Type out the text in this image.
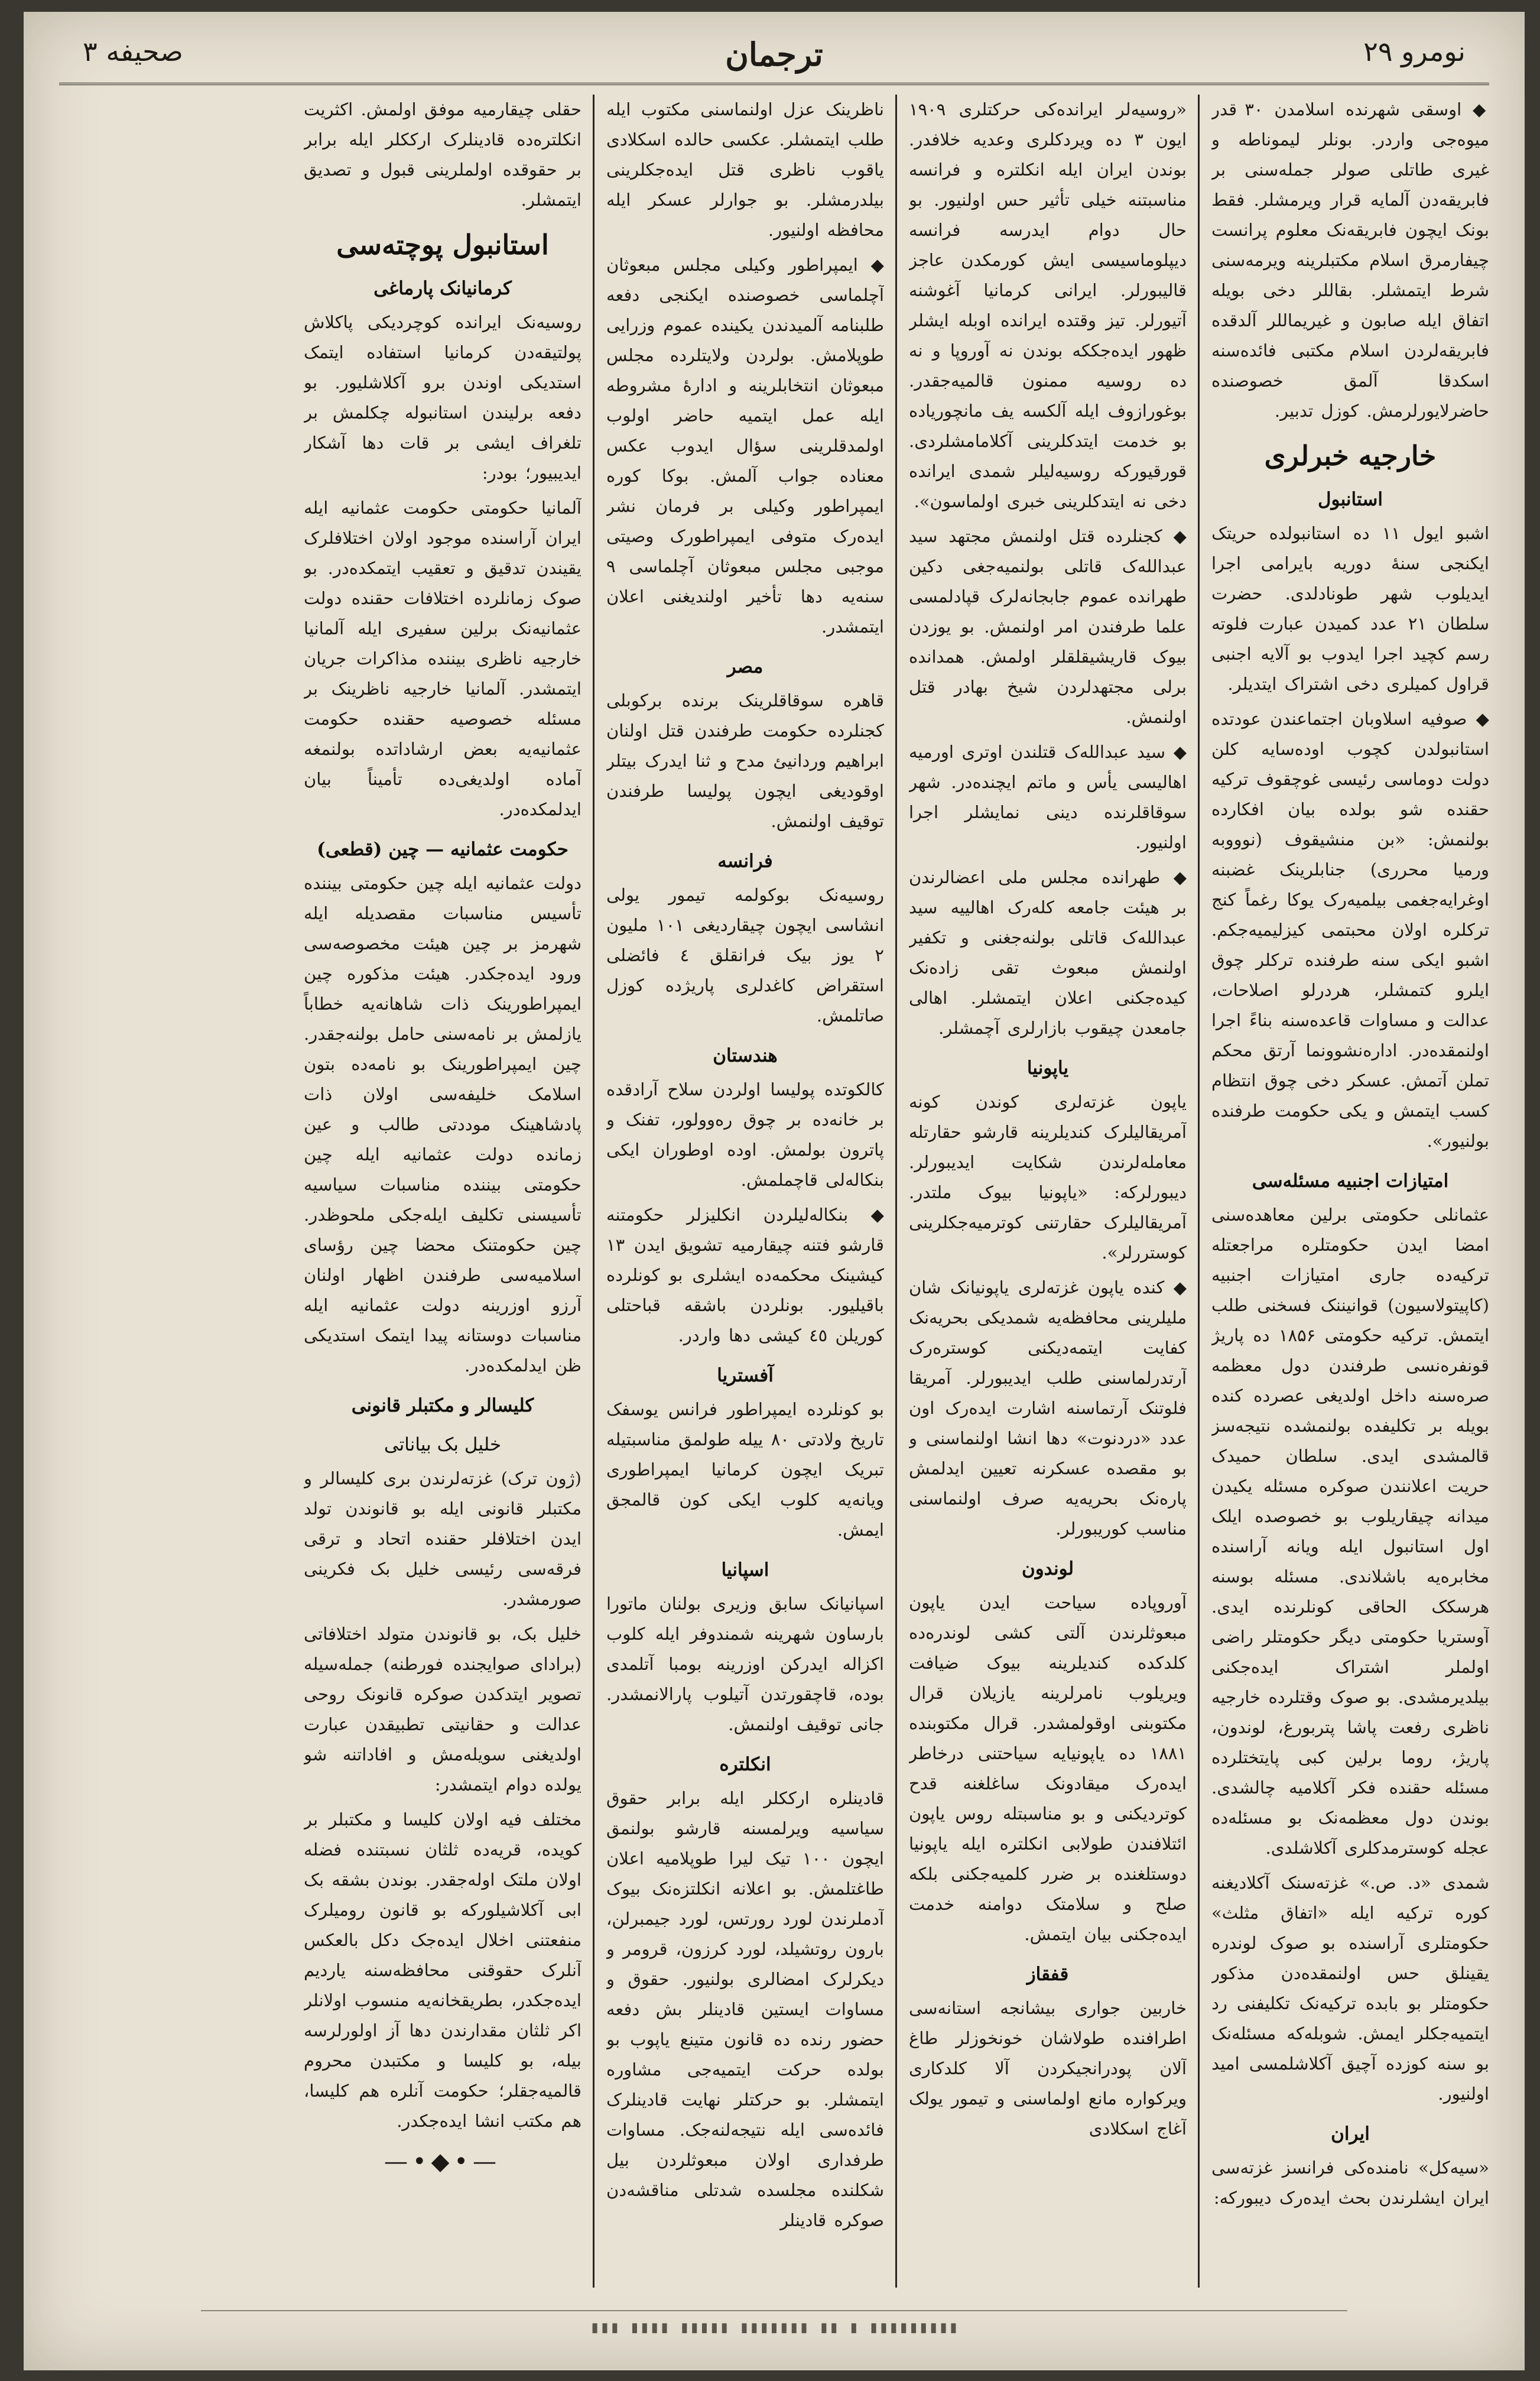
نومرو ۲۹
ترجمان
صحیفه ۳
◆ اوسقی شهرنده اسلامدن ۳۰ قدر میوەجی واردر. بونلر لیموناطه و غیری طاتلی صولر جملەسنی بر فابریقەدن آلمایه قرار ویرمشلر. فقط بونک ایچون فابریقەنک معلوم پرانست چیفارمرق اسلام مکتبلرینه ویرمەسنی شرط ایتمشلر. بقاللر دخی بویله اتفاق ایله صابون و غیریماللر آلدقده فابریقەلردن اسلام مکتبی فائدەسنه اسکدقا آلمق خصوصنده حاضرلایورلرمش. کوزل تدبیر.
خارجیه خبرلری
استانبول
اشبو ایول ۱۱ ده استانبولده حریتک ایکنجی سنهٔ دوریه بایرامی اجرا ایدیلوب شهر طونادلدی. حضرت سلطان ۲۱ عدد کمیدن عبارت فلوته رسم کچید اجرا ایدوب بو آلایه اجنبی قراول کمیلری دخی اشتراک ایتدیلر.
◆ صوفیه اسلاوبان اجتماعندن عودتده استانبولدن کچوب اودەسایه کلن دولت دوماسی رئیسی غوچقوف ترکیه حقنده شو بولده بیان افکارده بولنمش: «بن منشیقوف (نوووبه ورمیا محرری) جنابلرینک غضبنه اوغرایەجغمی بیلمیەرک یوکا رغماً کنج ترکلره اولان محبتمی کیزلیمیەجکم. اشبو ایکی سنه طرفنده ترکلر چوق ایلرو کتمشلر، هردرلو اصلاحات، عدالت و مساوات قاعدەسنه بناءً اجرا اولنمقدەدر. ادارەنشوونما آرتق محکم تملن آتمش. عسکر دخی چوق انتظام کسب ایتمش و یکی حکومت طرفنده بولنیور».
امتیازات اجنبیه مسئلەسی
عثمانلی حکومتی برلین معاهدەسنی امضا ایدن حکومتلره مراجعتله ترکیەده جاری امتیازات اجنبیه (کاپیتولاسیون) قوانیننک فسخنی طلب ایتمش. ترکیه حکومتی ۱۸۵۶ ده پاریژ قونفرەنسی طرفندن دول معظمه صرەسنه داخل اولدیغی عصرده کنده بویله بر تکلیفده بولنمشده نتیجەسز قالمشدی ایدی. سلطان حمیدک حریت اعلانندن صوکره مسئله یکیدن میدانه چیقاریلوب بو خصوصده ایلک اول استانبول ایله ویانه آراسنده مخابرەیه باشلاندی. مسئله بوسنه هرسکک الحاقی کونلرنده ایدی. آوستریا حکومتی دیگر حکومتلر راضی اولملر اشتراک ایدەجکنی بیلدیرمشدی. بو صوک وقتلرده خارجیه ناظری رفعت پاشا پتربورغ، لوندون، پاریژ، روما برلین کبی پایتختلرده مسئله حقنده فکر آکلامیه چالشدی. بوندن دول معظمەنک بو مسئلەده عجله کوسترمدکلری آکلاشلدی.
شمدی «د. ص.» غزتەسنک آکلادیغنه کوره ترکیه ایله «اتفاق مثلث» حکومتلری آراسنده بو صوک لوندره یقینلق حس اولنمقده‌دن مذکور حکومتلر بو بابده ترکیەنک تکلیفنی رد ایتمیەجکلر ایمش. شوبلەکه مسئلەنک بو سنه کوزده آچیق آکلاشلمسی امید اولنیور.
ایران
«سیەکل» نامندەکی فرانسز غزتەسی ایران ایشلرندن بحث ایدەرک دیبورکه:
«روسیەلر ایرانده‌کی حرکتلری ۱۹۰۹ ایون ۳ ده ویردکلری وعدیه خلافدر. بوندن ایران ایله انکلتره و فرانسه مناسبتنه خیلی تأثیر حس اولنیور. بو حال دوام ایدرسه فرانسه دیپلوماسیسی ایش کورمکدن عاجز قالیبورلر. ایرانی کرمانیا آغوشنه آتیورلر. تیز وقتده ایرانده اوبله ایشلر ظهور ایدەجککه بوندن نه آوروپا و نه ده روسیه ممنون قالمیەجقدر. بوغورازوف ایله آلکسه یف مانچوریاده بو خدمت ایتدکلرینی آکلامامشلردی. قورقیورکه روسیەلیلر شمدی ایرانده دخی نه ایتدکلرینی خبری اولماسون».
◆ کجنلرده قتل اولنمش مجتهد سید عبدالله‌ک قاتلی بولنمیەجغی دکین طهرانده عموم جابجانەلرک قپادلمسی علما طرفندن امر اولنمش. بو یوزدن بیوک قاریشیقلقلر اولمش. همدانده برلی مجتهدلردن شیخ بهادر قتل اولنمش.
◆ سید عبدالله‌ک قتلندن اوتری اورمیه اهالیسی یأس و ماتم ایچنده‌در. شهر سوقاقلرنده دینی نمایشلر اجرا اولنیور.
◆ طهرانده مجلس ملی اعضالرندن بر هیئت جامعه کلەرک اهالییه سید عبدالله‌ک قاتلی بولنەجغنی و تکفیر اولنمش مبعوث تقی زادەنک کیدەجکنی اعلان ایتمشلر. اهالی جامعدن چیقوب بازارلری آچمشلر.
یاپونیا
یاپون غزتەلری کوندن کونه آمریقالیلرک کندیلرینه قارشو حقارتله معامله‌لرندن شکایت ایدیبورلر. دیبورلرکه: «یاپونیا بیوک ملتدر. آمریقالیلرک حقارتنی کوترمیەجکلرینی کوستررلر».
◆ کنده یاپون غزتەلری یاپونیانک شان ملیلرینی محافظەیه شمدیکی بحریەنک کفایت ایتمەدیکنی کوسترەرک آرتدرلماسنی طلب ایدیبورلر. آمریقا فلوتنک آرتماسنه اشارت ایدەرک اون عدد «دردنوت» دها انشا اولنماسنی و بو مقصده عسکرنه تعیین ایدلمش پارەنک بحریەیه صرف اولنماسنی مناسب کوریبورلر.
لوندون
آوروپاده سیاحت ایدن یاپون مبعوثلرندن آلتی کشی لوندرەده کلدکده کندیلرینه بیوک ضیافت ویریلوب نامرلرینه یازیلان قرال مکتوبنی اوقولمشدر. قرال مکتوبنده ۱۸۸۱ ده یاپونیایه سیاحتنی درخاطر ایدەرک میقادونک ساغلغنه قدح کوتردیکنی و بو مناسبتله روس یاپون ائتلافندن طولابی انکلتره ایله یاپونیا دوستلغنده بر ضرر کلمیەجکنی بلکه صلح و سلامتک دوامنه خدمت ایدەجکنی بیان ایتمش.
قفقاز
خاربین جواری بیشانجه استانەسی اطرافنده طولاشان خونخوزلر طاغ آلان پودرانجیکردن آلا کلدکاری ویرکواره مانع اولماسنی و تیمور یولک آغاج اسکلادی
ناظرینک عزل اولنماسنی مکتوب ایله طلب ایتمشلر. عکسی حالده اسکلادی یاقوب ناظری قتل ایدەجکلرینی بیلدرمشلر. بو جوارلر عسکر ایله محافظه اولنیور.
◆ ایمپراطور وکیلی مجلس مبعوثان آچلماسی خصوصنده ایکنجی دفعه طلبنامه آلمیدندن یکینده عموم وزرایی طوپلامش. بولردن ولایتلرده مجلس مبعوثان انتخابلرینه و ادارهٔ مشروطه ایله عمل ایتمیه حاضر اولوب اولمدقلرینی سؤال ایدوب عکس معناده جواب آلمش. بوکا کوره ایمپراطور وکیلی بر فرمان نشر ایدەرک متوفی ایمپراطورک وصیتی موجبی مجلس مبعوثان آچلماسی ۹ سنەیه دها تأخیر اولندیغنی اعلان ایتمشدر.
مصر
قاهره سوقاقلرینک برنده برکوبلی کجنلرده حکومت طرفندن قتل اولنان ابراهیم وردانیئ مدح و ثنا ایدرک بیتلر اوقودیغی ایچون پولیسا طرفندن توقیف اولنمش.
فرانسه
روسیەنک بوکولمه تیمور یولی انشاسی ایچون چیقاردیغی ۱۰۱ ملیون ۲ یوز بیک فرانقلق ٤ فائضلی استقراض کاغدلری پاریژده کوزل صاتلمش.
هندستان
کالکوتده پولیسا اولردن سلاح آرادقده بر خانەده بر چوق رەوولور، تفنک و پاترون بولمش. اوده اوطوران ایکی بنکالەلی قاچملمش.
◆ بنکالەلیلردن انکلیزلر حکومتنه قارشو فتنه چیقارمیه تشویق ایدن ۱۳ کیشینک محکمەده ایشلری بو کونلرده باقیلیور. بونلردن باشقه قباحتلی کوریلن ٤٥ کیشی دها واردر.
آفستریا
بو کونلرده ایمپراطور فرانس یوسفک تاریخ ولادتی ۸۰ ییله طولمق مناسبتیله تبریک ایچون کرمانیا ایمپراطوری ویانەیه کلوب ایکی کون قالمجق ایمش.
اسپانیا
اسپانیانک سابق وزیری بولنان ماتورا بارساون شهرینه شمندوفر ایله کلوب اکزاله ایدرکن اوزرینه بومبا آتلمدی بوده، قاچقورتدن آتیلوب پارالانمشدر. جانی توقیف اولنمش.
انکلتره
قادینلره ارککلر ایله برابر حقوق سیاسیه ویرلمسنه قارشو بولنمق ایچون ۱۰۰ تیک لیرا طوپلامیه اعلان طاغتلمش. بو اعلانه انکلتزەنک بیوک آدملرندن لورد رورتس، لورد جیمبرلن، بارون روتشیلد، لورد کرزون، قرومر و دیکرلرک امضالری بولنیور. حقوق و مساوات ایستین قادینلر بش دفعه حضور رنده ده قانون متینع یاپوب بو بولده حرکت ایتمیەجی مشاوره ایتمشلر. بو حرکتلر نهایت قادینلرک فائدەسی ایله نتیجەلنەجک. مساوات طرفداری اولان مبعوثلردن بیل شکلنده مجلسده شدتلی مناقشەدن صوکره قادینلر
حقلی چیقارمیه موفق اولمش. اکثریت انکلترەده قادینلرک ارککلر ایله برابر بر حقوقده اولملرینی قبول و تصدیق ایتمشلر.
استانبول پوچتەسی
کرمانیانک پارماغی
روسیەنک ایرانده کوچردیکی پاکلاش پولتیقەدن کرمانیا استفاده ایتمک استدیکی اوندن برو آکلاشلیور. بو دفعه برلیندن استانبوله چکلمش بر تلغراف ایشی بر قات دها آشکار ایدیبیور؛ بودر:
آلمانیا حکومتی حکومت عثمانیه ایله ایران آراسنده موجود اولان اختلافلرک یقیندن تدقیق و تعقیب ایتمکده‌در. بو صوک زمانلرده اختلافات حقنده دولت عثمانیه‌نک برلین سفیری ایله آلمانیا خارجیه ناظری بیننده مذاکرات جریان ایتمشدر. آلمانیا خارجیه ناظرینک بر مسئله خصوصیه حقنده حکومت عثمانیەیه بعض ارشاداتده بولنمغه آماده اولدیغی‌ده تأمیناً بیان ایدلمکده‌در.
حکومت عثمانیه — چین (قطعی)
دولت عثمانیه ایله چین حکومتی بیننده تأسیس مناسبات مقصدیله ایله شهرمز بر چین هیئت مخصوصەسی ورود ایدەجکدر. هیئت مذکوره چین ایمپراطورینک ذات شاهانەیه خطاباً یازلمش بر نامەسنی حامل بولنەجقدر. چین ایمپراطورینک بو نامەده بتون اسلامک خلیفەسی اولان ذات پادشاهینک موددتی طالب و عین زمانده دولت عثمانیه ایله چین حکومتی بیننده مناسبات سیاسیه تأسیسنی تکلیف ایلەجکی ملحوظدر. چین حکومتنک محضا چین رؤسای اسلامیه‌سی طرفندن اظهار اولنان آرزو اوزرینه دولت عثمانیه ایله مناسبات دوستانه پیدا ایتمک استدیکی ظن ایدلمکده‌در.
کلیسالر و مکتبلر قانونی
خلیل بک بیاناتی
(ژون ترک) غزتەلرندن بری کلیسالر و مکتبلر قانونی ایله بو قانوندن تولد ایدن اختلافلر حقنده اتحاد و ترقی فرقەسی رئیسی خلیل بک فکرینی صورمشدر.
خلیل بک، بو قانوندن متولد اختلافاتی (برادای صوایجنده فورطنه) جملەسیله تصویر ایتدکدن صوکره قانونک روحی عدالت و حقانیتی تطبیقدن عبارت اولدیغنی سویلەمش و افاداتنه شو یولده دوام ایتمشدر:
مختلف فیه اولان کلیسا و مکتبلر بر کویده، قریەده ثلثان نسبتنده فضله اولان ملتک اوله‌جقدر. بوندن بشقه بک ابی آکلاشیلورکه بو قانون رومیلرک منفعتنی اخلال ایدەجک دکل بالعکس آنلرک حقوقنی محافظه‌سنه یاردیم ایدەجکدر، بطریقخانەیه منسوب اولانلر اکر ثلثان مقدارندن دها آز اولورلرسه بیله، بو کلیسا و مکتبدن محروم قالمیەجقلر؛ حکومت آنلره هم کلیسا، هم مکتب انشا ایدەجکدر.
—•◆•—
▮▮▮ ▮▮▮▮ ▮▮▮▮▮ ▮▮▮▮▮▮▮ ▮▮ ▮ ▮▮▮▮▮▮▮▮▮
